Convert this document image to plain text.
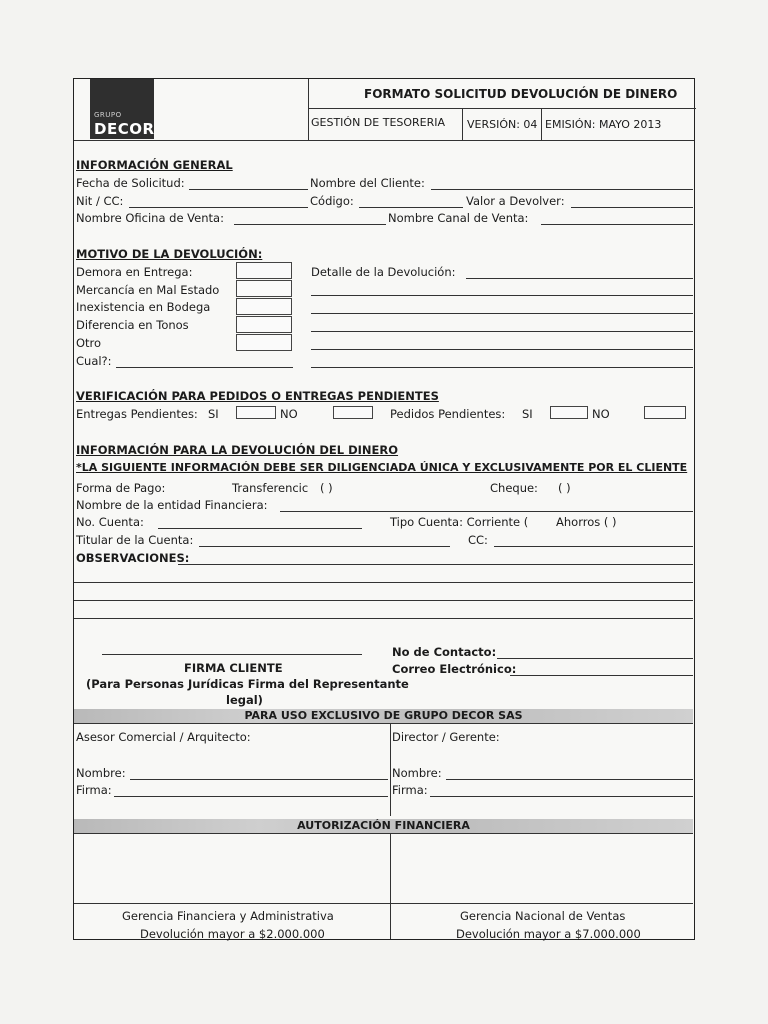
GRUPO
DECOR
FORMATO SOLICITUD DEVOLUCIÓN DE DINERO
GESTIÓN DE TESORERIA VERSIÓN: 04 EMISIÓN: MAYO 2013
INFORMACIÓN GENERAL
Fecha de Solicitud:	Nombre del Cliente:
Nit / CC:	Código:	Valor a Devolver:
Nombre Oficina de Venta:	Nombre Canal de Venta:
MOTIVO DE LA DEVOLUCIÓN:
Demora en Entrega:
Mercancía en Mal Estado
Inexistencia en Bodega
Diferencia en Tonos
Otro
Cual?:
Detalle de la Devolución:
VERIFICACIÓN PARA PEDIDOS O ENTREGAS PENDIENTES
Entregas Pendientes: SI	NO	Pedidos Pendientes: SI	NO
INFORMACIÓN PARA LA DEVOLUCIÓN DEL DINERO
*LA SIGUIENTE INFORMACIÓN DEBE SER DILIGENCIADA ÚNICA Y EXCLUSIVAMENTE POR EL CLIENTE
Forma de Pago:	Transferencic ( )	Cheque: ( )
Nombre de la entidad Financiera:
No. Cuenta:	Tipo Cuenta: Corriente ( Ahorros ( )
Titular de la Cuenta:	CC:
OBSERVACIONES:
FIRMA CLIENTE
(Para Personas Jurídicas Firma del Representante
legal)
No de Contacto:
Correo Electrónico:
PARA USO EXCLUSIVO DE GRUPO DECOR SAS
Asesor Comercial / Arquitecto:	Director / Gerente:
Nombre:	Nombre:
Firma:	Firma:
AUTORIZACIÓN FINANCIERA
Gerencia Financiera y Administrativa
Devolución mayor a $2.000.000
Gerencia Nacional de Ventas
Devolución mayor a $7.000.000
